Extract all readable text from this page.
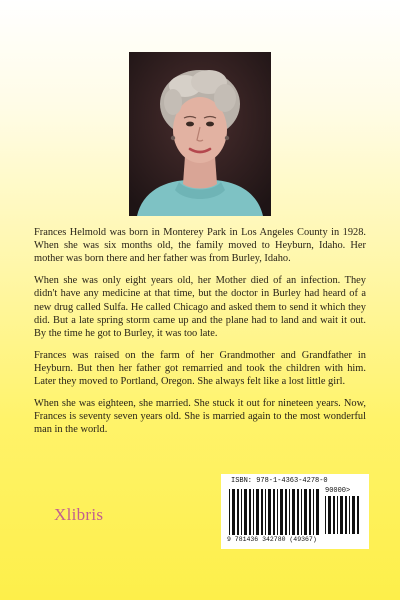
Frances Helmold was born in Monterey Park in Los Angeles County in 1928. When she was six months old, the family moved to Heyburn, Idaho. Her mother was born there and her father was from Burley, Idaho.

When she was only eight years old, her Mother died of an infection. They didn't have any medicine at that time, but the doctor in Burley had heard of a new drug called Sulfa. He called Chicago and asked them to send it which they did. But a late spring storm came up and the plane had to land and wait it out. By the time he got to Burley, it was too late.

Frances was raised on the farm of her Grandmother and Grandfather in Heyburn. But then her father got remarried and took the children with him. Later they moved to Portland, Oregon. She always felt like a lost little girl.

When she was eighteen, she married. She stuck it out for nineteen years. Now, Frances is seventy seven years old. She is married again to the most wonderful man in the world.

Xlibris
ISBN: 978-1-4363-4278-0
90000>
9 781436 342780 (49367)
